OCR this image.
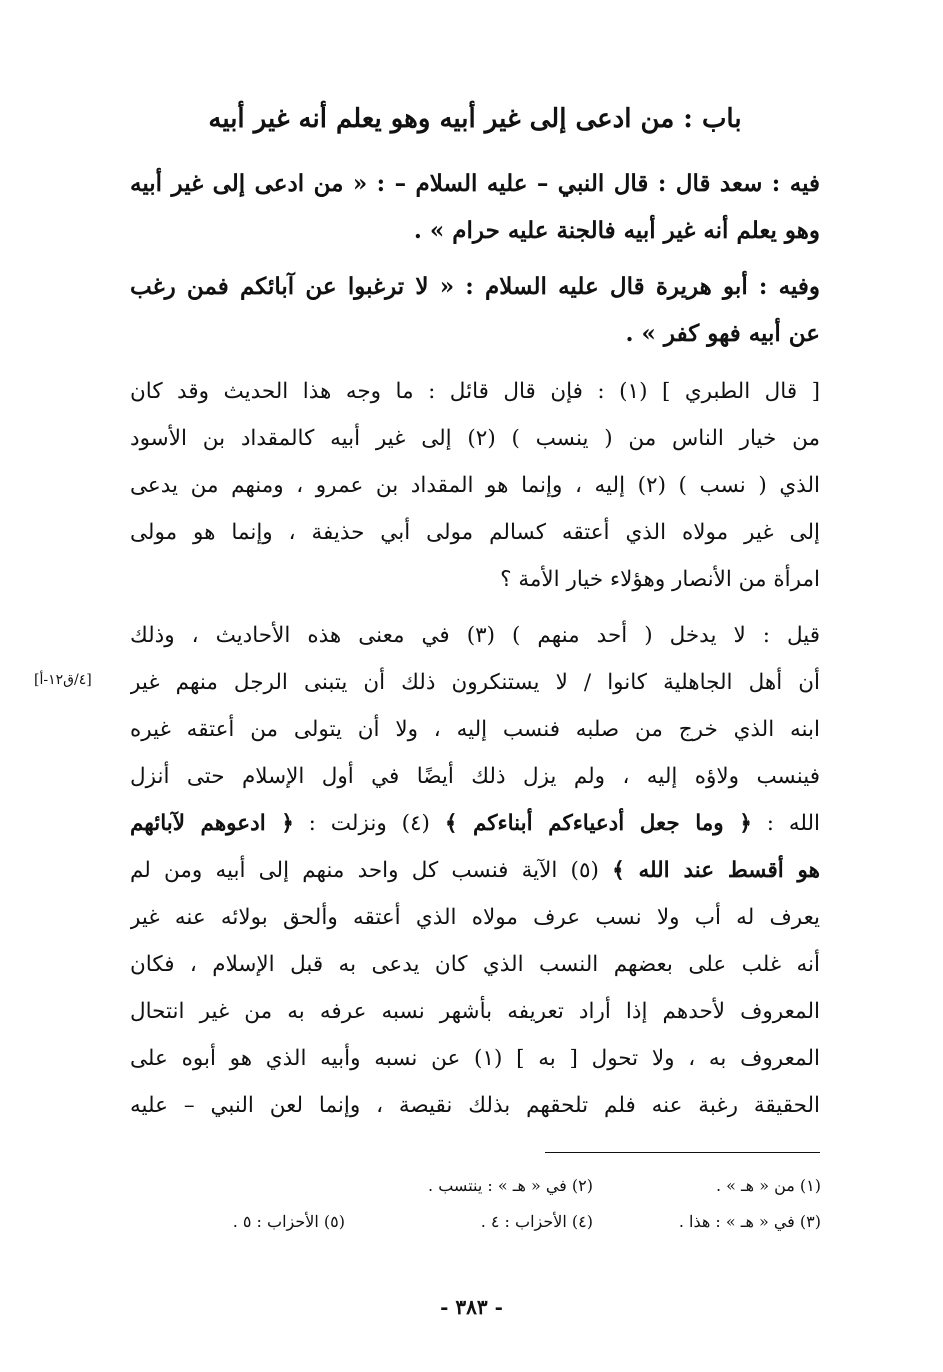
باب : من ادعى إلى غير أبيه وهو يعلم أنه غير أبيه
فيه : سعد قال : قال النبي – عليه السلام – : « من ادعى إلى غير أبيه
وهو يعلم أنه غير أبيه فالجنة عليه حرام » .
وفيه : أبو هريرة قال عليه السلام : « لا ترغبوا عن آبائكم فمن رغب
عن أبيه فهو كفر » .
[ قال الطبري ] (١) : فإن قال قائل : ما وجه هذا الحديث وقد كان
من خيار الناس من ( ينسب ) (٢) إلى غير أبيه كالمقداد بن الأسود
الذي ( نسب ) (٢) إليه ، وإنما هو المقداد بن عمرو ، ومنهم من يدعى
إلى غير مولاه الذي أعتقه كسالم مولى أبي حذيفة ، وإنما هو مولى
امرأة من الأنصار وهؤلاء خيار الأمة ؟
قيل : لا يدخل ( أحد منهم ) (٣) في معنى هذه الأحاديث ، وذلك
أن أهل الجاهلية كانوا / لا يستنكرون ذلك أن يتبنى الرجل منهم غير
ابنه الذي خرج من صلبه فنسب إليه ، ولا أن يتولى من أعتقه غيره
فينسب ولاؤه إليه ، ولم يزل ذلك أيضًا في أول الإسلام حتى أنزل
الله : ﴿ وما جعل أدعياءكم أبناءكم ﴾ (٤) ونزلت : ﴿ ادعوهم لآبائهم
هو أقسط عند الله ﴾ (٥) الآية فنسب كل واحد منهم إلى أبيه ومن لم
يعرف له أب ولا نسب عرف مولاه الذي أعتقه وألحق بولائه عنه غير
أنه غلب على بعضهم النسب الذي كان يدعى به قبل الإسلام ، فكان
المعروف لأحدهم إذا أراد تعريفه بأشهر نسبه عرفه به من غير انتحال
المعروف به ، ولا تحول [ به ] (١) عن نسبه وأبيه الذي هو أبوه على
الحقيقة رغبة عنه فلم تلحقهم بذلك نقيصة ، وإنما لعن النبي – عليه
[٤/ق١٢-أ]
(١) من « هـ » .
(٢) في « هـ » : ينتسب .
(٣) في « هـ » : هذا .
(٤) الأحزاب : ٤ .
(٥) الأحزاب : ٥ .
- ٣٨٣ -
